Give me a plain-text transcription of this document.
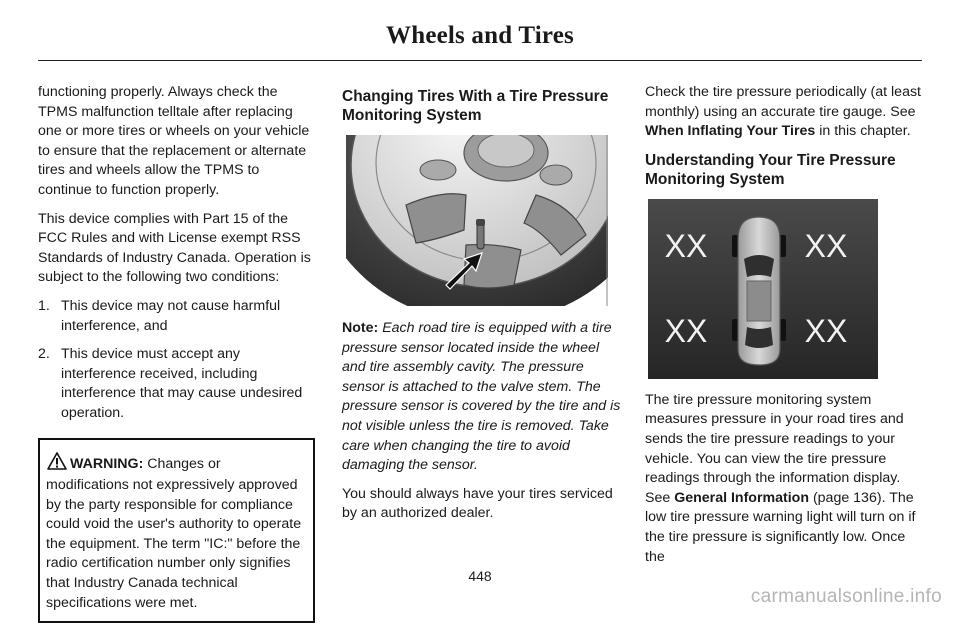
Wheels and Tires

functioning properly. Always check the TPMS malfunction telltale after replacing one or more tires or wheels on your vehicle to ensure that the replacement or alternate tires and wheels allow the TPMS to continue to function properly.

This device complies with Part 15 of the FCC Rules and with License exempt RSS Standards of Industry Canada. Operation is subject to the following two conditions:

1. This device may not cause harmful interference, and
2. This device must accept any interference received, including interference that may cause undesired operation.
WARNING: Changes or modifications not expressively approved by the party responsible for compliance could void the user's authority to operate the equipment. The term "IC:" before the radio certification number only signifies that Industry Canada technical specifications were met.
Changing Tires With a Tire Pressure Monitoring System

Note: Each road tire is equipped with a tire pressure sensor located inside the wheel and tire assembly cavity. The pressure sensor is attached to the valve stem. The pressure sensor is covered by the tire and is not visible unless the tire is removed. Take care when changing the tire to avoid damaging the sensor.

You should always have your tires serviced by an authorized dealer.

Check the tire pressure periodically (at least monthly) using an accurate tire gauge. See When Inflating Your Tires in this chapter.

Understanding Your Tire Pressure Monitoring System
XX	XX
XX	XX

The tire pressure monitoring system measures pressure in your road tires and sends the tire pressure readings to your vehicle. You can view the tire pressure readings through the information display. See General Information (page 136). The low tire pressure warning light will turn on if the tire pressure is significantly low. Once the

448
carmanualsonline.info
